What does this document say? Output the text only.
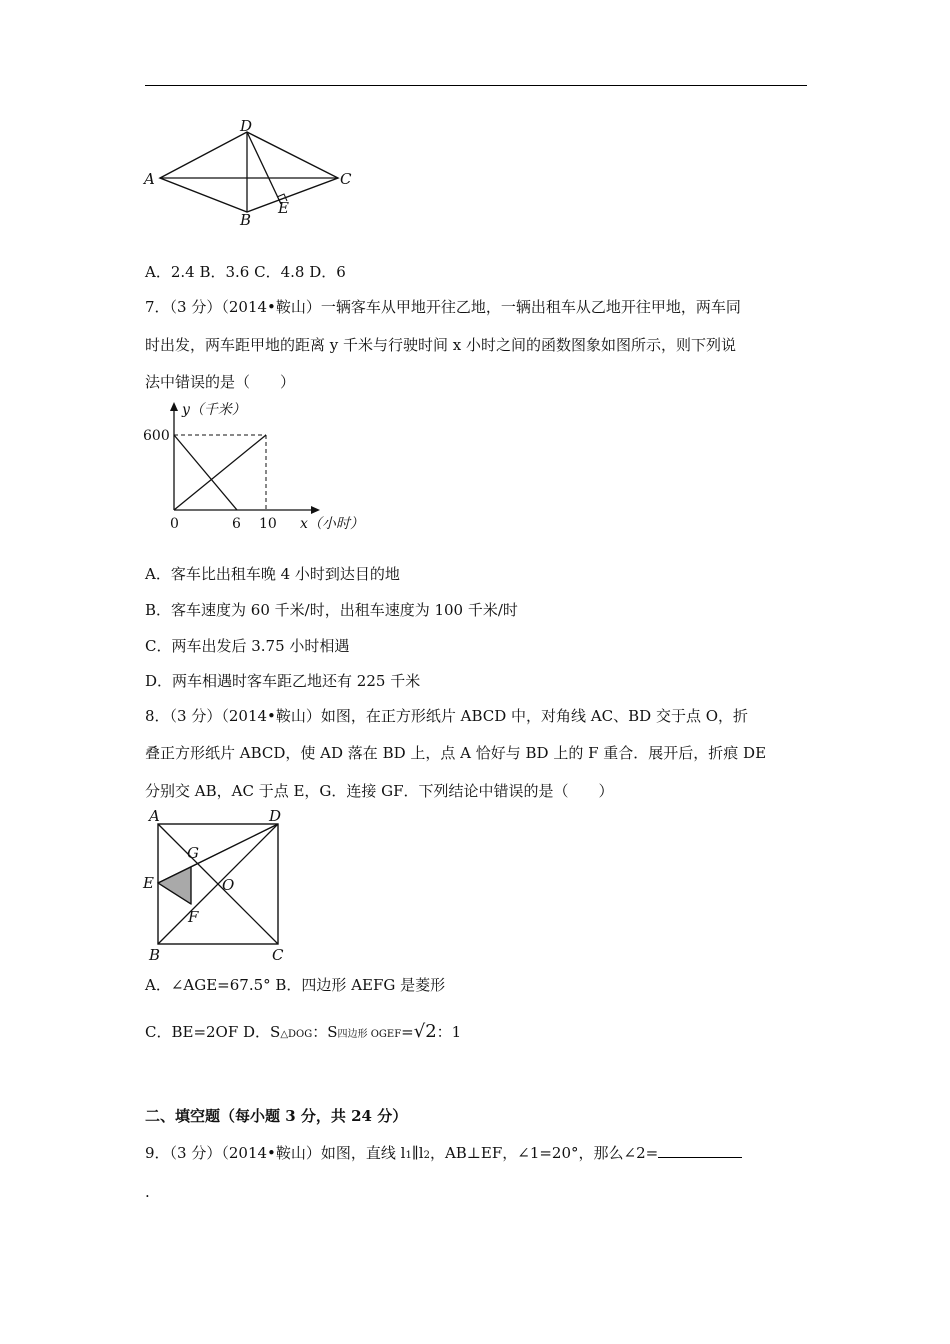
A
D
C
B
E
A．2.4 B．3.6 C．4.8 D．6
7．（3 分）（2014•鞍山）一辆客车从甲地开往乙地，一辆出租车从乙地开往甲地，两车同
时出发，两车距甲地的距离 y 千米与行驶时间 x 小时之间的函数图象如图所示，则下列说
法中错误的是（　　）
y（千米）
600
0	6 10 x（小时）
A．客车比出租车晚 4 小时到达目的地
B．客车速度为 60 千米/时，出租车速度为 100 千米/时
C．两车出发后 3.75 小时相遇
D．两车相遇时客车距乙地还有 225 千米
8．（3 分）（2014•鞍山）如图，在正方形纸片 ABCD 中，对角线 AC、BD 交于点 O，折
叠正方形纸片 ABCD，使 AD 落在 BD 上，点 A 恰好与 BD 上的 F 重合．展开后，折痕 DE
分别交 AB，AC 于点 E，G．连接 GF．下列结论中错误的是（　　）
A	D
E
G
O
F
B	C
A．∠AGE=67.5° B．四边形 AEFG 是菱形
C．BE=2OF D．S△DOG：S四边形 OGEF=√2：1
二、填空题（每小题 3 分，共 24 分）
9．（3 分）（2014•鞍山）如图，直线 l1∥l2，AB⊥EF，∠1=20°，那么∠2=
.
